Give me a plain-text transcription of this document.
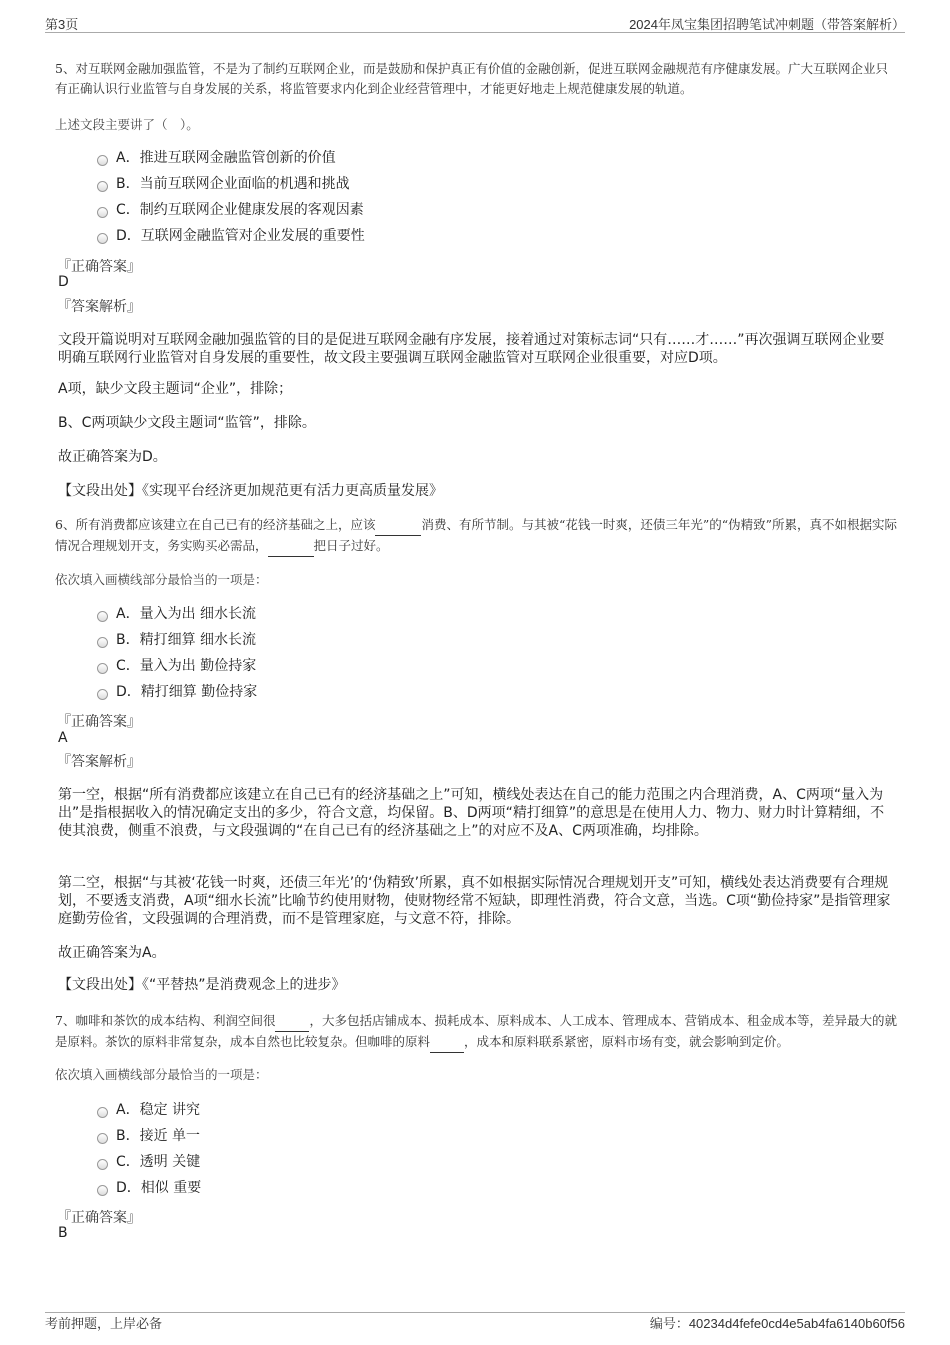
第3页	2024年凤宝集团招聘笔试冲刺题（带答案解析）
5、对互联网金融加强监管，不是为了制约互联网企业，而是鼓励和保护真正有价值的金融创新，促进互联网金融规范有序健康发展。广大互联网企业只有正确认识行业监管与自身发展的关系，将监管要求内化到企业经营管理中，才能更好地走上规范健康发展的轨道。
上述文段主要讲了（　）。
A．推进互联网金融监管创新的价值
B．当前互联网企业面临的机遇和挑战
C．制约互联网企业健康发展的客观因素
D．互联网金融监管对企业发展的重要性
『正确答案』
D
『答案解析』
文段开篇说明对互联网金融加强监管的目的是促进互联网金融有序发展，接着通过对策标志词“只有……才……”再次强调互联网企业要明确互联网行业监管对自身发展的重要性，故文段主要强调互联网金融监管对互联网企业很重要，对应D项。
A项，缺少文段主题词“企业”，排除；
B、C两项缺少文段主题词“监管”，排除。
故正确答案为D。
【文段出处】《实现平台经济更加规范更有活力更高质量发展》
6、所有消费都应该建立在自己已有的经济基础之上，应该	消费、有所节制。与其被“花钱一时爽，还债三年光”的“伪精致”所累，真不如根据实际情况合理规划开支，务实购买必需品，	把日子过好。
依次填入画横线部分最恰当的一项是：
A．量入为出 细水长流
B．精打细算 细水长流
C．量入为出 勤俭持家
D．精打细算 勤俭持家
『正确答案』
A
『答案解析』
第一空，根据“所有消费都应该建立在自己已有的经济基础之上”可知，横线处表达在自己的能力范围之内合理消费，A、C两项“量入为出”是指根据收入的情况确定支出的多少，符合文意，均保留。B、D两项“精打细算”的意思是在使用人力、物力、财力时计算精细，不使其浪费，侧重不浪费，与文段强调的“在自己已有的经济基础之上”的对应不及A、C两项准确，均排除。
第二空，根据“与其被‘花钱一时爽，还债三年光’的‘伪精致’所累，真不如根据实际情况合理规划开支”可知，横线处表达消费要有合理规划，不要透支消费，A项“细水长流”比喻节约使用财物，使财物经常不短缺，即理性消费，符合文意，当选。C项“勤俭持家”是指管理家庭勤劳俭省，文段强调的合理消费，而不是管理家庭，与文意不符，排除。
故正确答案为A。
【文段出处】《“平替热”是消费观念上的进步》
7、咖啡和茶饮的成本结构、利润空间很	，大多包括店铺成本、损耗成本、原料成本、人工成本、管理成本、营销成本、租金成本等，差异最大的就是原料。茶饮的原料非常复杂，成本自然也比较复杂。但咖啡的原料	，成本和原料联系紧密，原料市场有变，就会影响到定价。
依次填入画横线部分最恰当的一项是：
A．稳定 讲究
B．接近 单一
C．透明 关键
D．相似 重要
『正确答案』
B
考前押题，上岸必备	编号：40234d4fefe0cd4e5ab4fa6140b60f56
